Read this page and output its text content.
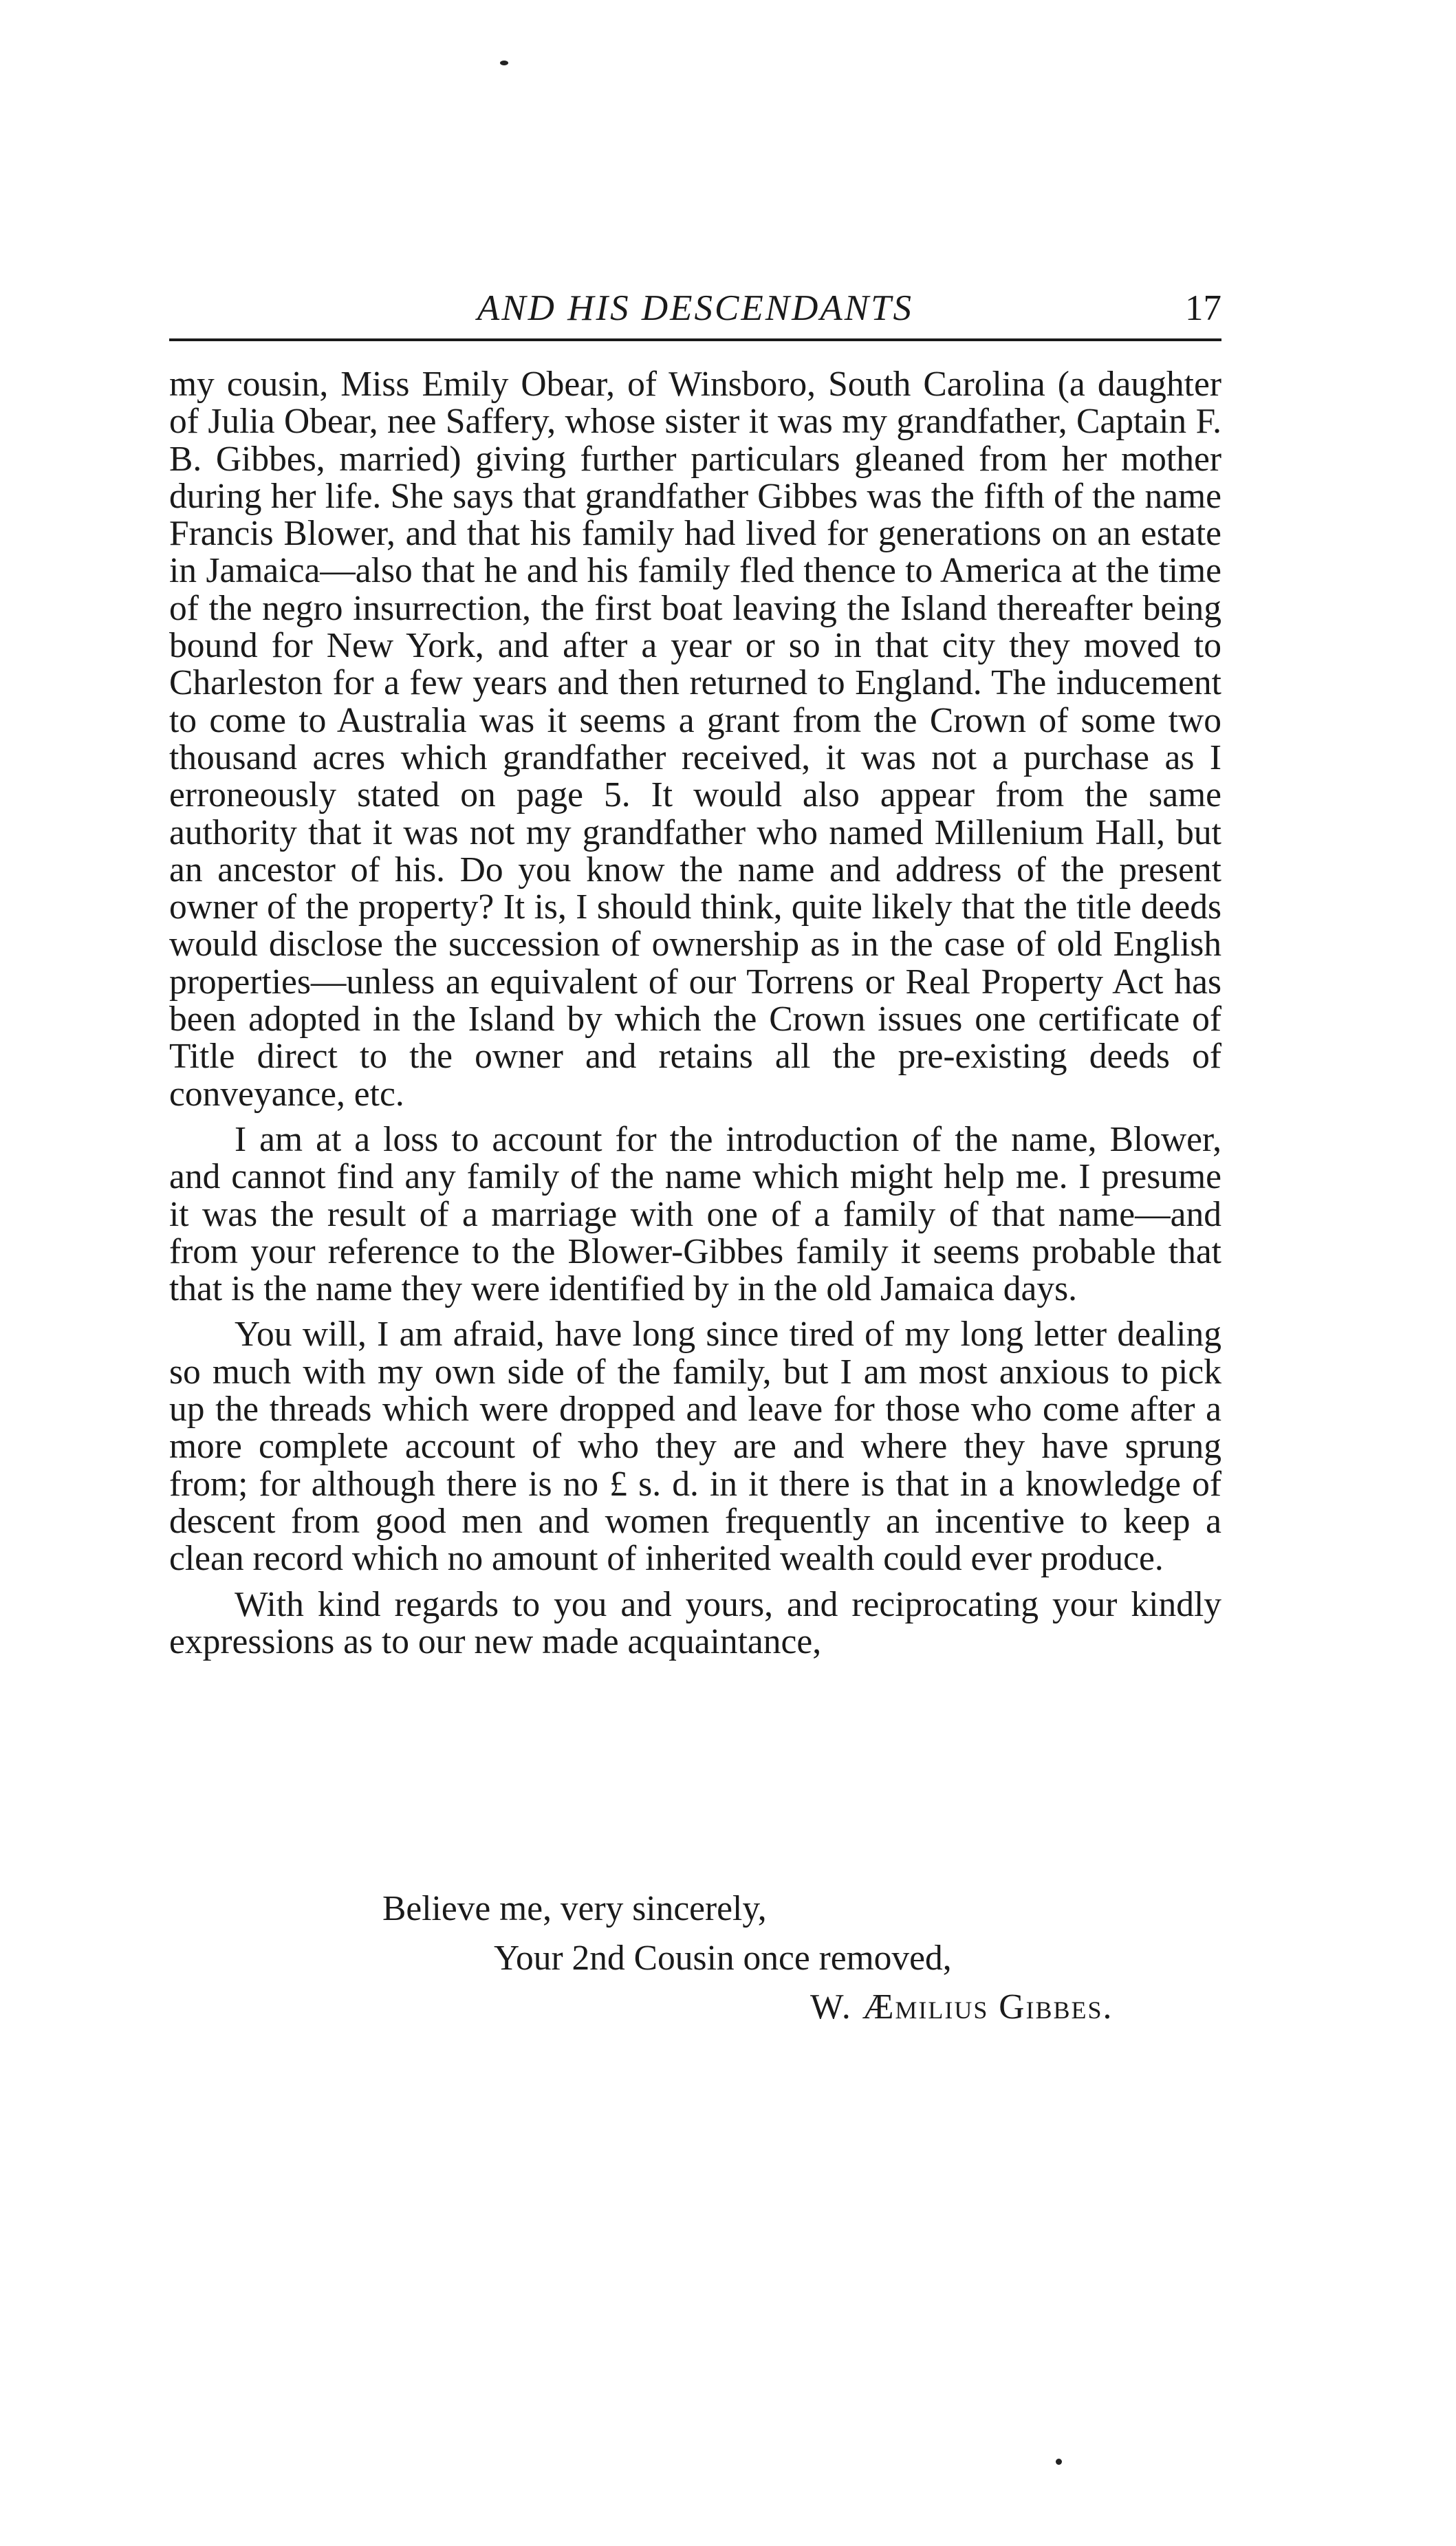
AND HIS DESCENDANTS	17

my cousin, Miss Emily Obear, of Winsboro, South Carolina (a daughter of Julia Obear, nee Saffery, whose sister it was my grandfather, Captain F. B. Gibbes, married) giving further particulars gleaned from her mother during her life. She says that grandfather Gibbes was the fifth of the name Francis Blower, and that his family had lived for generations on an estate in Jamaica—also that he and his family fled thence to America at the time of the negro insurrection, the first boat leaving the Island thereafter being bound for New York, and after a year or so in that city they moved to Charleston for a few years and then returned to England. The inducement to come to Australia was it seems a grant from the Crown of some two thousand acres which grandfather received, it was not a purchase as I erroneously stated on page 5. It would also appear from the same authority that it was not my grandfather who named Millenium Hall, but an ancestor of his. Do you know the name and address of the present owner of the property? It is, I should think, quite likely that the title deeds would disclose the succession of ownership as in the case of old English properties—unless an equivalent of our Torrens or Real Property Act has been adopted in the Island by which the Crown issues one certificate of Title direct to the owner and retains all the pre-existing deeds of conveyance, etc.

I am at a loss to account for the introduction of the name, Blower, and cannot find any family of the name which might help me. I presume it was the result of a marriage with one of a family of that name—and from your reference to the Blower-Gibbes family it seems probable that that is the name they were identified by in the old Jamaica days.

You will, I am afraid, have long since tired of my long letter dealing so much with my own side of the family, but I am most anxious to pick up the threads which were dropped and leave for those who come after a more complete account of who they are and where they have sprung from; for although there is no £ s. d. in it there is that in a knowledge of descent from good men and women frequently an incentive to keep a clean record which no amount of inherited wealth could ever produce.

With kind regards to you and yours, and reciprocating your kindly expressions as to our new made acquaintance,

Believe me, very sincerely,
Your 2nd Cousin once removed,
W. Æmilius Gibbes.
